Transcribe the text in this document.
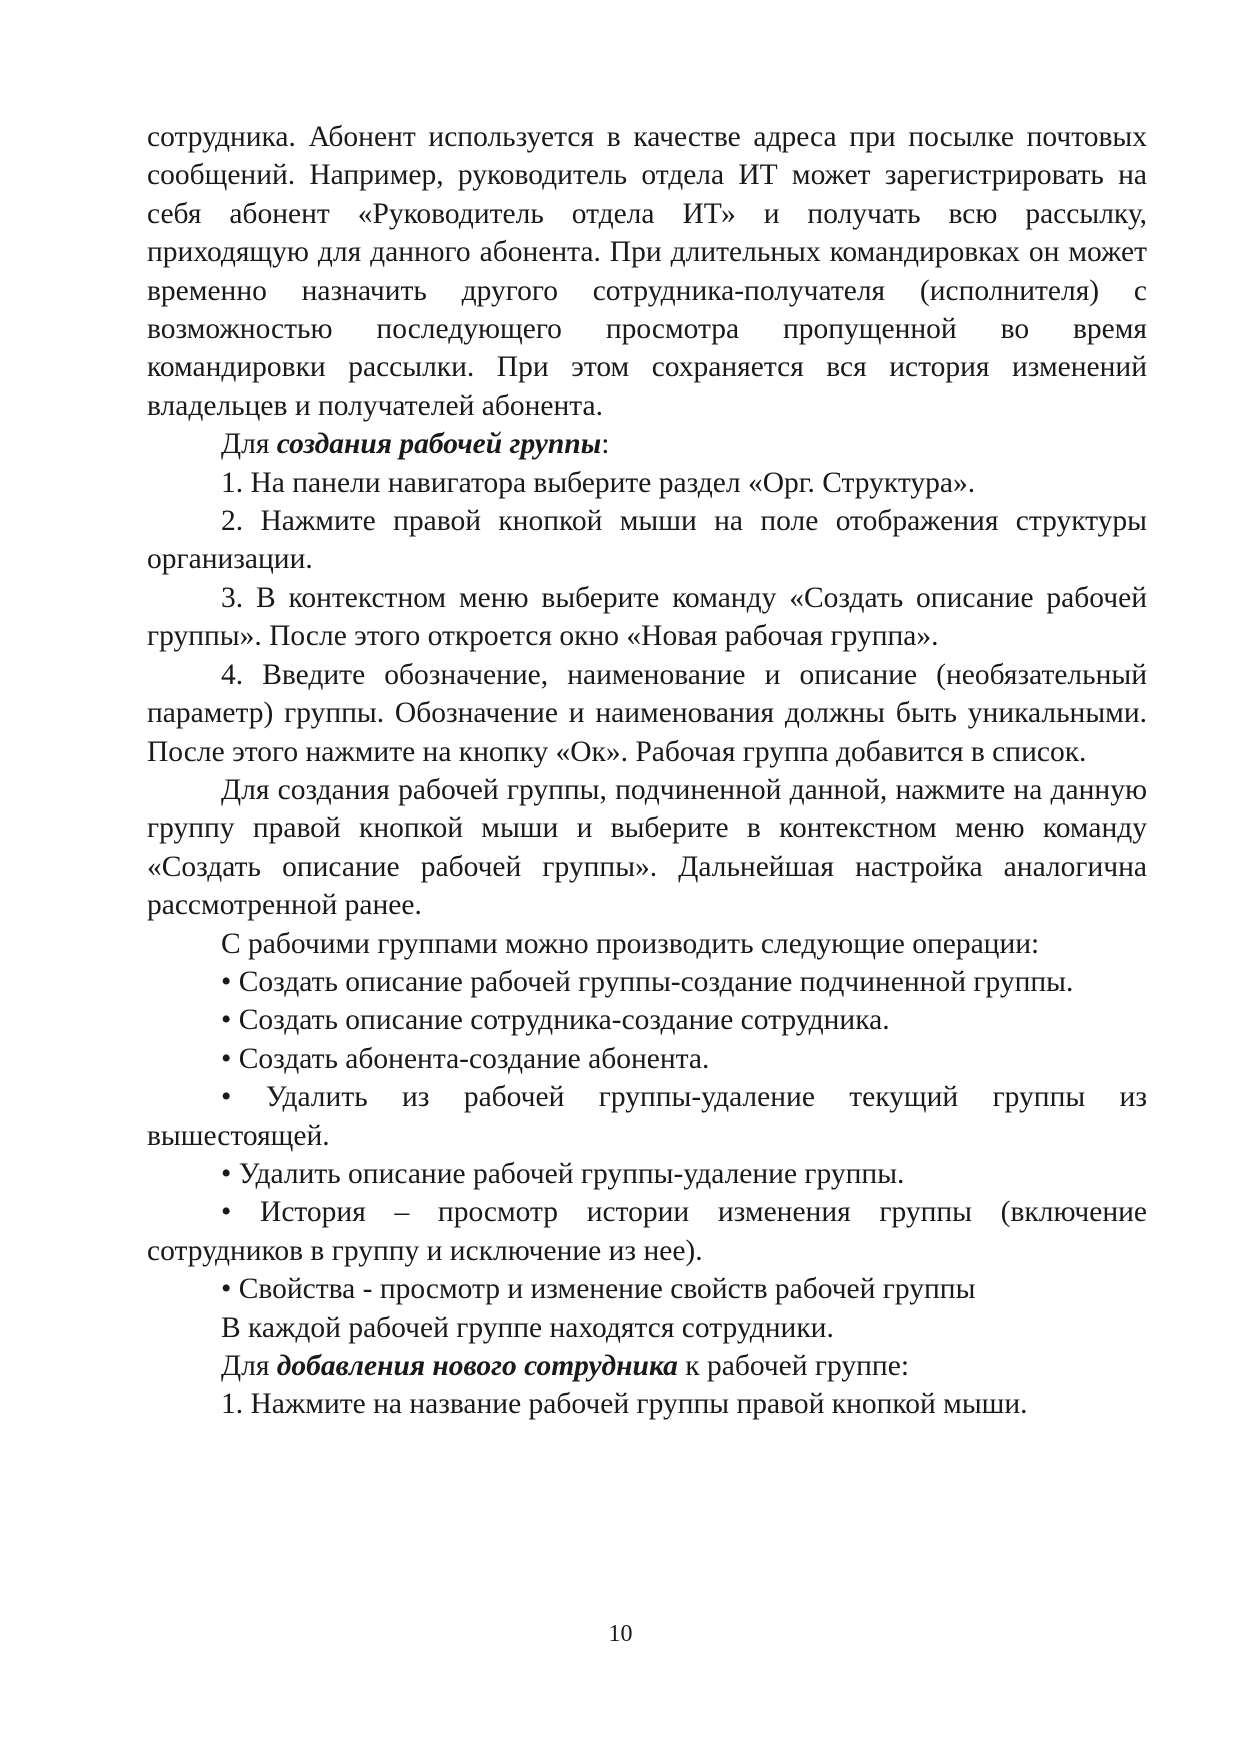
сотрудника. Абонент используется в качестве адреса при посылке почтовых сообщений. Например, руководитель отдела ИТ может зарегистрировать на себя абонент «Руководитель отдела ИТ» и получать всю рассылку, приходящую для данного абонента. При длительных командировках он может временно назначить другого сотрудника-получателя (исполнителя) с возможностью последующего просмотра пропущенной во время командировки рассылки. При этом сохраняется вся история изменений владельцев и получателей абонента.

Для создания рабочей группы:

1. На панели навигатора выберите раздел «Орг. Структура».

2. Нажмите правой кнопкой мыши на поле отображения структуры организации.

3. В контекстном меню выберите команду «Создать описание рабочей группы». После этого откроется окно «Новая рабочая группа».

4. Введите обозначение, наименование и описание (необязательный параметр) группы. Обозначение и наименования должны быть уникальными. После этого нажмите на кнопку «Ок». Рабочая группа добавится в список.

Для создания рабочей группы, подчиненной данной, нажмите на данную группу правой кнопкой мыши и выберите в контекстном меню команду «Создать описание рабочей группы». Дальнейшая настройка аналогична рассмотренной ранее.

С рабочими группами можно производить следующие операции:

• Создать описание рабочей группы-создание подчиненной группы.

• Создать описание сотрудника-создание сотрудника.

• Создать абонента-создание абонента.

• Удалить из рабочей группы-удаление текущий группы из вышестоящей.

• Удалить описание рабочей группы-удаление группы.

• История – просмотр истории изменения группы (включение сотрудников в группу и исключение из нее).

• Свойства - просмотр и изменение свойств рабочей группы

В каждой рабочей группе находятся сотрудники.

Для добавления нового сотрудника к рабочей группе:

1. Нажмите на название рабочей группы правой кнопкой мыши.

10
